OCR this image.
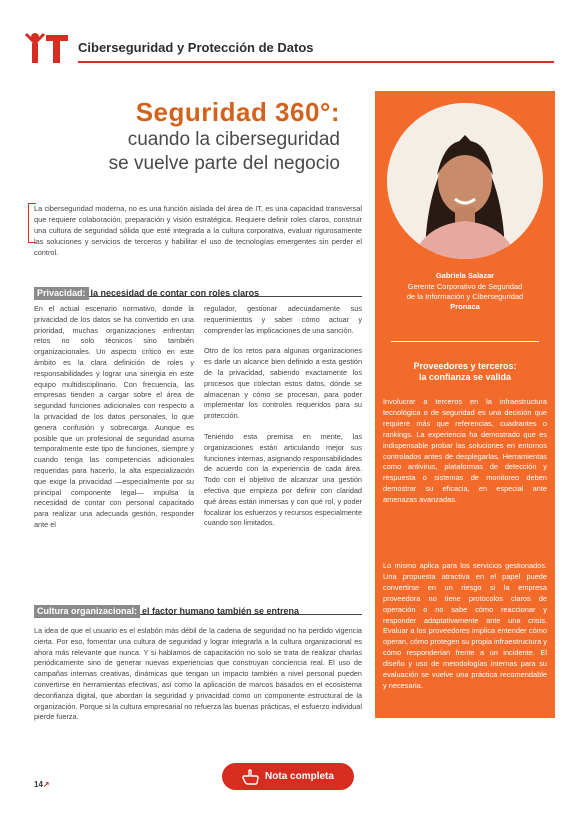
Ciberseguridad y Protección de Datos
Seguridad 360°:
cuando la ciberseguridad
se vuelve parte del negocio
La ciberseguridad moderna, no es una función aislada del área de IT, es una capacidad transversal que requiere colaboración, preparación y visión estratégica. Requiere definir roles claros, construir una cultura de seguridad sólida que esté integrada a la cultura corporativa, evaluar rigurosamente las soluciones y servicios de terceros y habilitar el uso de tecnologías emergentes sin perder el control.
Privacidad: la necesidad de contar con roles claros

En el actual escenario normativo, donde la privacidad de los datos se ha convertido en una prioridad, muchas organizaciones enfrentan retos no solo técnicos sino también organizacionales. Un aspecto crítico en este ámbito es la clara definición de roles y responsabilidades y lograr una sinergia en este equipo multidisciplinario. Con frecuencia, las empresas tienden a cargar sobre el área de seguridad funciones adicionales con respecto a la privacidad de los datos personales, lo que genera confusión y sobrecarga. Aunque es posible que un profesional de seguridad asuma temporalmente este tipo de funciones, siempre y cuando tenga las competencias adicionales requeridas para hacerlo, la alta especialización que exige la privacidad —especialmente por su principal componente legal— impulsa la necesidad de contar con personal capacitado para realizar una adecuada gestión, responder ante el

regulador, gestionar adecuadamente sus requerimientos y saber cómo actuar y comprender las implicaciones de una sanción.

Otro de los retos para algunas organizaciones es darle un alcance bien definido a esta gestión de la privacidad, sabiendo exactamente los procesos que colectan estos datos, dónde se almacenan y cómo se procesan, para poder implementar los controles requeridos para su protección.

Teniendo esta premisa en mente, las organizaciones están articulando mejor sus funciones internas, asignando responsabilidades de acuerdo con la experiencia de cada área. Todo con el objetivo de alcanzar una gestión efectiva que empieza por definir con claridad qué áreas están inmersas y con qué rol, y poder focalizar los esfuerzos y recursos especialmente cuando son limitados.

Cultura organizacional: el factor humano también se entrena

La idea de que el usuario es el eslabón más débil de la cadena de seguridad no ha perdido vigencia cierta. Por eso, fomentar una cultura de seguridad y lograr integrarla a la cultura organizacional es ahora más relevante que nunca. Y si hablamos de capacitación no solo se trata de realizar charlas periódicamente sino de generar nuevas experiencias que construyan conciencia real. El uso de campañas internas creativas, dinámicas que tengan un impacto también a nivel personal pueden convertirse en herramientas efectivas, así como la aplicación de marcos basados en el ecosistema deconfianza digital, que abordan la seguridad y privacidad como un componente estructural de la organización. Porque si la cultura empresarial no refuerza las buenas prácticas, el esfuerzo individual pierde fuerza.

Gabriela Salazar
Gerente Corporativo de Seguridad
de la Información y Ciberseguridad
Pronaca
Proveedores y terceros:
la confianza se valida
Involucrar a terceros en la infraestructura tecnológica o de seguridad es una decisión que requiere más que referencias, cuadrantes o rankings. La experiencia ha demostrado que es indispensable probar las soluciones en entornos controlados antes de desplegarlas. Herramientas como antivirus, plataformas de detección y respuesta o sistemas de monitoreo deben demostrar su eficacia, en especial ante amenazas avanzadas.
Lo mismo aplica para los servicios gestionados. Una propuesta atractiva en el papel puede convertirse en un riesgo si la empresa proveedora no tiene protocolos claros de operación o no sabe cómo reaccionar y responder adaptativamente ante una crisis. Evaluar a los proveedores implica entender cómo operan, cómo protegen su propia infraestructura y cómo responderían frente a un incidente. El diseño y uso de metodologías internas para su evaluación se vuelve una práctica recomendable y necesaria.
14↗
Nota completa
